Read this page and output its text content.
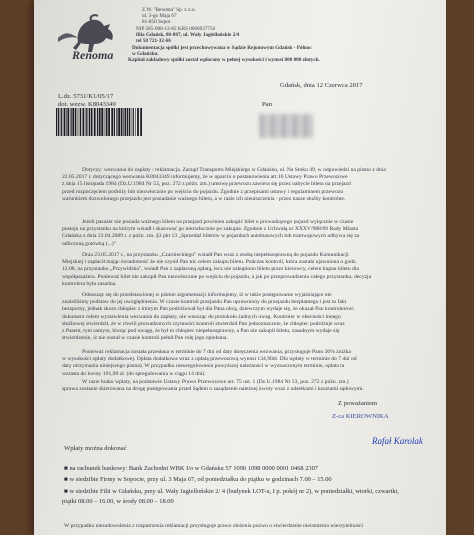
Renoma
Z.W. "Renoma" Sp. z o.o.
ul. 3-go Maja 67
81-850 Sopot
NIP 585-000-12-82 KRS 0000037756
filia Gdańsk, 80-887, ul. Wały Jagiellońskie 2/4
tel 58 721-32-66
Dokumentacja spółki jest przechowywana w Sądzie Rejonowym Gdańsk - Północ
w Gdańsku.
Kapitał zakładowy spółki został wpłacony w pełnej wysokości i wynosi 800 000 złotych.
L.dz. 5731/K1/05/17
dot. wezw. K8043349
Gdańsk, dnia 12 Czerwca 2017
Pan
Dotyczy: wezwania do zapłaty / reklamacja. Zarząd Transportu Miejskiego w Gdańsku, ul. Na Stoku 49, w odpowiedzi na pismo z dnia
22.05.2017 r. dotyczącego wezwania K8043349 informujemy, że w oparciu o postanowienia art.16 Ustawy Prawo Przewozowe
z dnia 15 listopada 1984 (Dz.U.1984 Nr 53, poz. 272 z późn. zm.) umowę przewozu zawiera się przez nabycie biletu na przejazd
przed rozpoczęciem podróży lub niezwłocznie po wejściu do pojazdu. Zgodnie z przepisami ustawy i regulaminem przewozu
warunkiem dozwolonego przejazdu jest posiadanie ważnego biletu, a w razie ich nieuiszczenia - przez nasze służby kontrolne.
Jeżeli pasażer nie posiada ważnego biletu na przejazd powinien zakupić bilet u prowadzącego pojazd wyłącznie w czasie
postoju na przystanku na którym wsiadł i skasować go niezwłocznie po zakupie. Zgodnie z Uchwałą nr XXXV/988/09 Rady Miasta
Gdańska z dnia 23.04.2009 r. z późn. zm. §3 pkt 13 „Sprzedaż biletów w pojazdach autobusowych lub tramwajowych odbywa się za
odliczoną gotówką (...)"
Dnia 23.05.2017 r., na przystanku „Czarnieckiego" wsiadł Pan wraz z osobą niepełnosprawną do pojazdu Komunikacji
Miejskiej i zapłacił mając świadomość że nie czynił Pan nic celem zakupu biletu. Podczas kontroli, która została ujawniona o godz.
12.08, na przystanku „Przywidzka", wsiadł Pan z zapłaconą opłatą, lecz nie zakupiono biletu przez kierowcy, celem kupna biletu dla
współpasażera. Ponieważ bilet nie zakupił Pan niezwłocznie po wejściu do pojazdu, a jak po przeprowadzeniu całego przystanku, decyzja
kontrolera była zasadna.
Odnosząc się do przedstawionej w piśmie argumentacji informujemy, iż w takie postępowanie wyjaśniające nie
znaleźliśmy podstaw do jej uwzględnienia. W czasie kontroli przejazdu Pan uprawniony do przejazdu bezpłatnego i jest to fakt
bezsporny, jednak skoro chłopiec z którym Pan podróżował był dla Pana obcą, dziewczym wydaje się, że okazał Pan kontrolerowi
dokument celem wystawienia wezwania do zapłaty, nie wnosząc do protokołu żadnych uwag. Kontroler w obecności innego
służbowej stwierdził, że w chwili prowadzonych czynności kontroli stwierdził Pan jednoznacznie, że chłopiec podróżuje wraz
z Pasem, tym samym, biorąc pod uwagę, że był to chłopiec niepełnosprawny, a Pan nie zakupił biletu, zasadnym wydaje się
stwierdzenie, iż nie został w czasie kontroli pełnił Pan rolę jego opiekuna.
Ponieważ reklamacja została przesłana w terminie do 7 dni od daty doręczenia wezwania, przysługuje Panu 30% zniżka
w wysokości opłaty dodatkowej. Opłata dodatkowa wraz z opłatą przewozową wynosi 134,90zł. Dla wpłaty w terminie do 7 dni od
daty otrzymania niniejszego pisma). W przypadku nieuregulowania powyższej należności w wyznaczonym terminie, opłata ta
wzrasta do kwoty 191,90 zł. (do spregulowania w ciągu 14 dni).
W razie braku wpłaty, na podstawie Ustawy Prawo Przewozowe art. 75 ust. 1 (Dz.U.1984 Nr 53, poz. 272 z późn. zm.)
sprawa zostanie skierowana na drogę postępowania przed Sądem o zasądzenie należnej kwoty wraz z odsetkami i kosztami sądowymi.
Z poważaniem
Z-ca KIEROWNIKA
Rafał Karolak
Wpłaty można dokonać
■ na rachunek bankowy: Bank Zachodni WBK I/o w Gdańsku 57 1090 1098 0000 0001 0468 2307
■ w siedzibie Firmy w Sopocie, przy ul. 3 Maja 67, od poniedziałku do piątku w godzinach 7.00 – 15.00
■ w siedzibie Filii w Gdańsku, przy ul. Wały Jagiellońskie 2/ 4 (budynek LOT-u, I p. pokój nr 2), w poniedziałki, wtorki, czwartki,
piątki 08.00 – 16.00, w środy 08.00 – 18.00
W przypadku niezadowolenia z rozpatrzenia reklamacji przysługuje prawo złożenia pozwu o stwierdzenie nieistnienia wierzytelności
